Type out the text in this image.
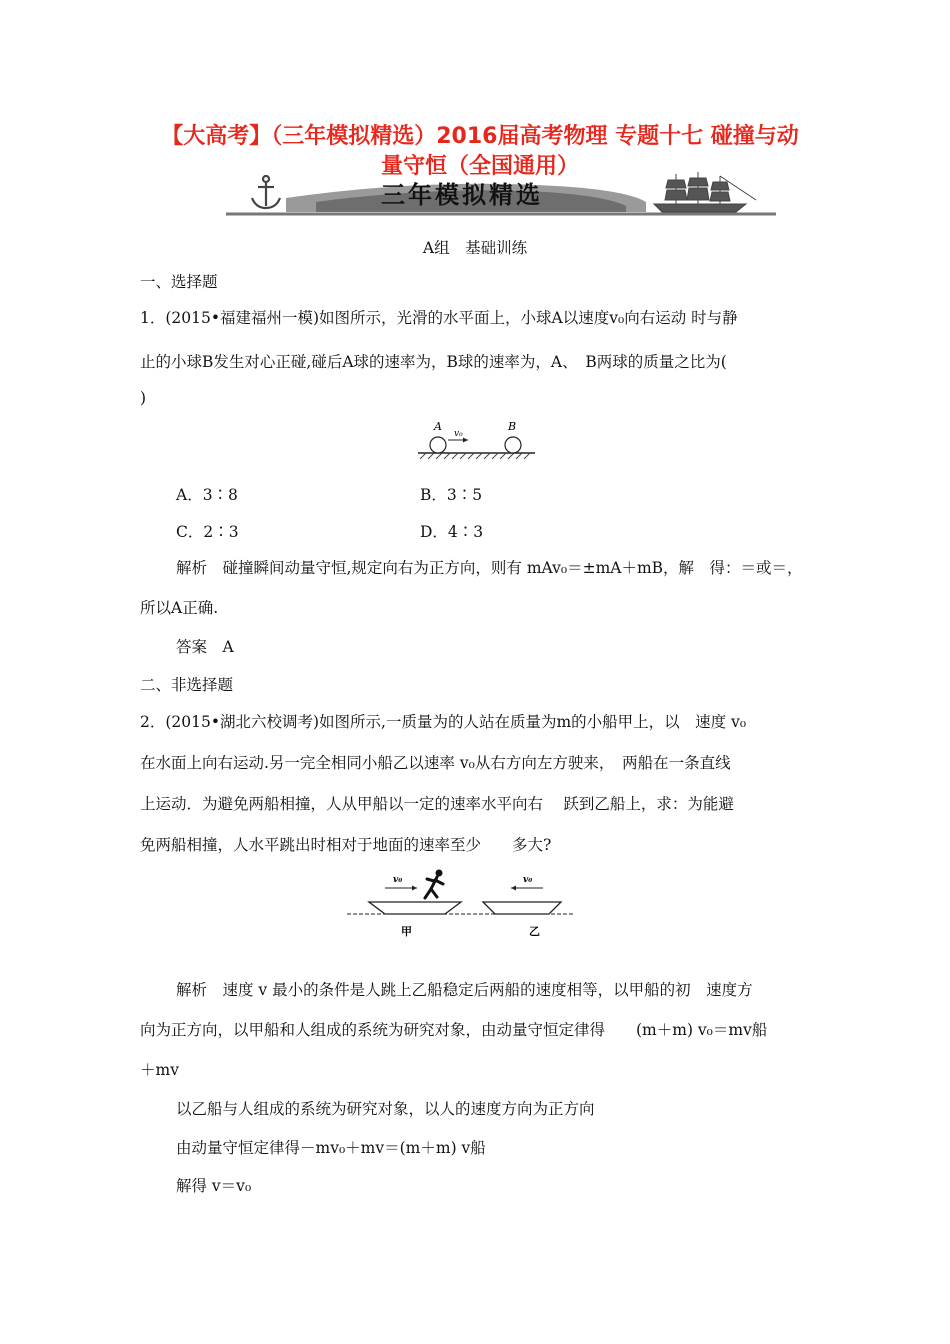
【大高考】（三年模拟精选）2016届高考物理 专题十七 碰撞与动
量守恒（全国通用）
三年模拟精选
A组　基础训练
一、选择题
1．(2015•福建福州一模)如图所示，光滑的水平面上，小球A以速度v₀向右运动 时与静
止的小球B发生对心正碰,碰后A球的速率为，B球的速率为，A、　B两球的质量之比为(
)
A	B
v₀
A．3∶8	B．3∶5
C．2∶3	D．4∶3
解析　碰撞瞬间动量守恒,规定向右为正方向，则有 mAv₀＝±mA＋mB，解　得：＝或＝，
所以A正确.
答案　A
二、非选择题
2．(2015•湖北六校调考)如图所示,一质量为的人站在质量为m的小船甲上，以　速度 v₀
在水面上向右运动.另一完全相同小船乙以速率 v₀从右方向左方驶来，　两船在一条直线
上运动．为避免两船相撞，人从甲船以一定的速率水平向右　 跃到乙船上，求：为能避
免两船相撞，人水平跳出时相对于地面的速率至少　　多大?
v₀	v₀
甲	乙
解析　速度 v 最小的条件是人跳上乙船稳定后两船的速度相等，以甲船的初　速度方
向为正方向，以甲船和人组成的系统为研究对象，由动量守恒定律得　　(m＋m) v₀＝mv船
＋mv
以乙船与人组成的系统为研究对象，以人的速度方向为正方向
由动量守恒定律得－mv₀＋mv＝(m＋m) v船
解得 v＝v₀
